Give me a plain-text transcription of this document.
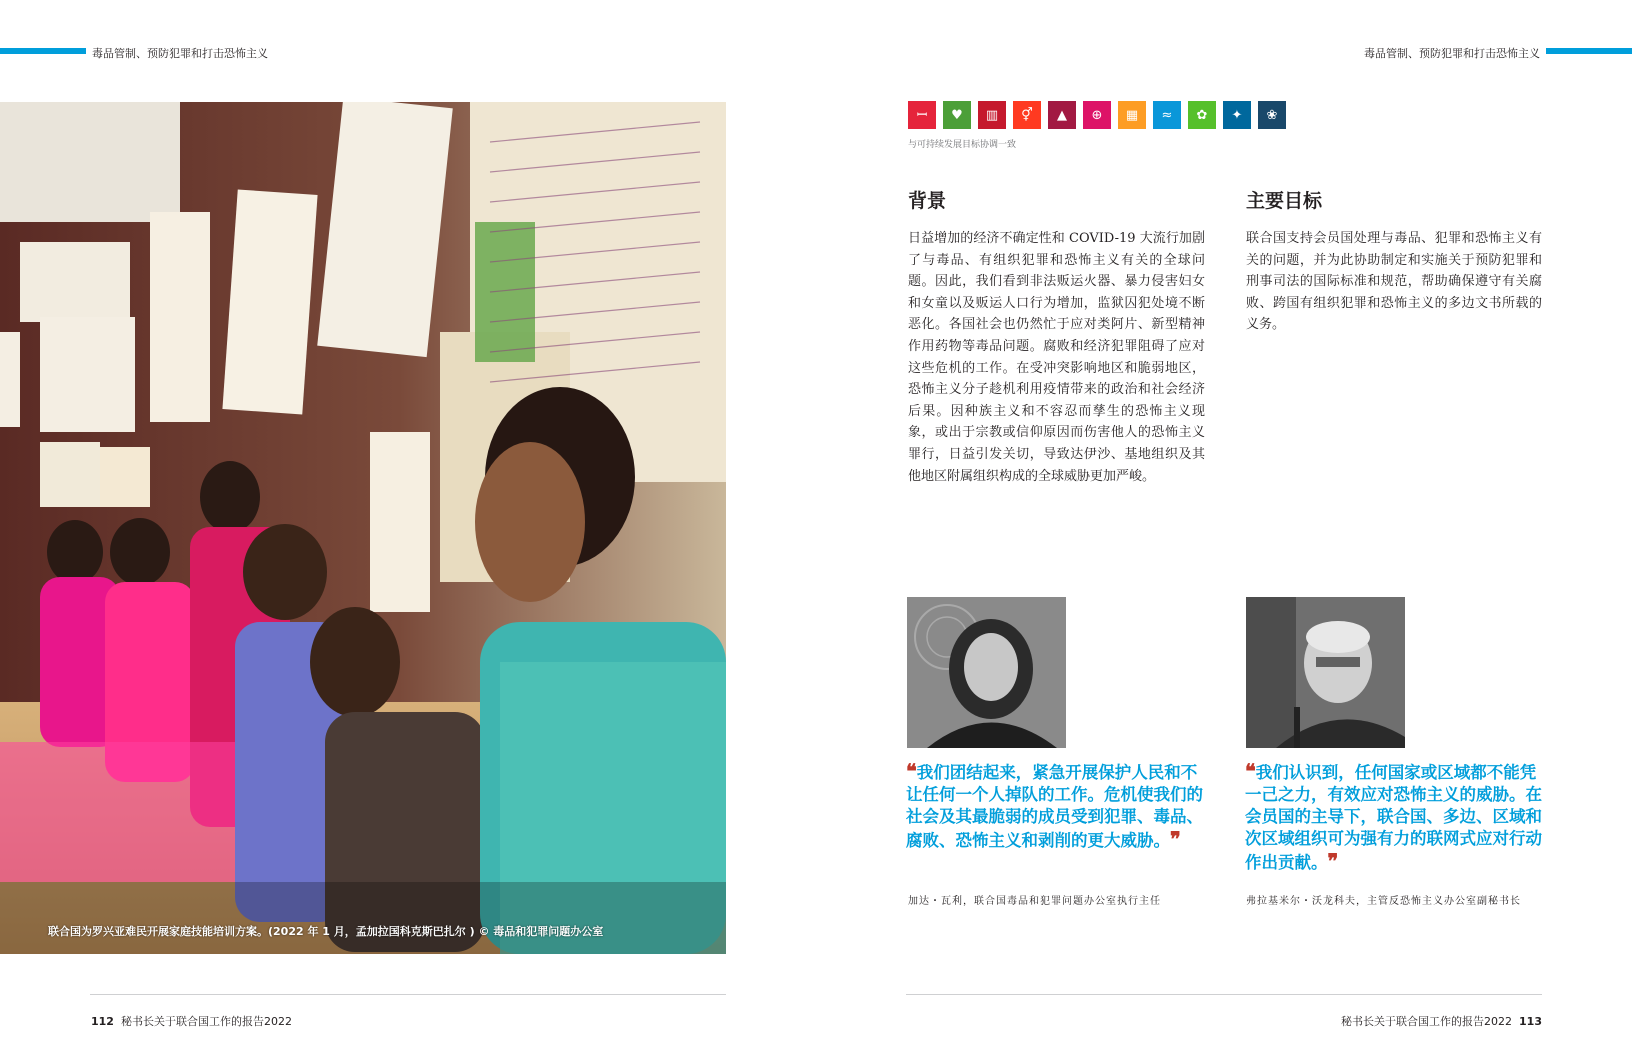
毒品管制、预防犯罪和打击恐怖主义	毒品管制、预防犯罪和打击恐怖主义
联合国为罗兴亚难民开展家庭技能培训方案。(2022 年 1 月，孟加拉国科克斯巴扎尔 ) © 毒品和犯罪问题办公室
ꟷ	♥	▥	⚥	▲	⊕	▦	≈	✿	✦	❀
与可持续发展目标协调一致
背景
日益增加的经济不确定性和 COVID-19 大流行加剧了与毒品、有组织犯罪和恐怖主义有关的全球问题。因此，我们看到非法贩运火器、暴力侵害妇女和女童以及贩运人口行为增加，监狱囚犯处境不断恶化。各国社会也仍然忙于应对类阿片、新型精神作用药物等毒品问题。腐败和经济犯罪阻碍了应对这些危机的工作。在受冲突影响地区和脆弱地区，恐怖主义分子趁机利用疫情带来的政治和社会经济后果。因种族主义和不容忍而孳生的恐怖主义现象，或出于宗教或信仰原因而伤害他人的恐怖主义罪行，日益引发关切，导致达伊沙、基地组织及其他地区附属组织构成的全球威胁更加严峻。
主要目标
联合国支持会员国处理与毒品、犯罪和恐怖主义有关的问题，并为此协助制定和实施关于预防犯罪和刑事司法的国际标准和规范，帮助确保遵守有关腐败、跨国有组织犯罪和恐怖主义的多边文书所载的义务。
❝我们团结起来，紧急开展保护人民和不让任何一个人掉队的工作。危机使我们的社会及其最脆弱的成员受到犯罪、毒品、腐败、恐怖主义和剥削的更大威胁。❞
加达・瓦利，联合国毒品和犯罪问题办公室执行主任
❝我们认识到，任何国家或区域都不能凭一己之力，有效应对恐怖主义的威胁。在会员国的主导下，联合国、多边、区域和次区域组织可为强有力的联网式应对行动作出贡献。❞
弗拉基米尔・沃龙科夫，主管反恐怖主义办公室副秘书长
112 秘书长关于联合国工作的报告2022	秘书长关于联合国工作的报告2022 113
